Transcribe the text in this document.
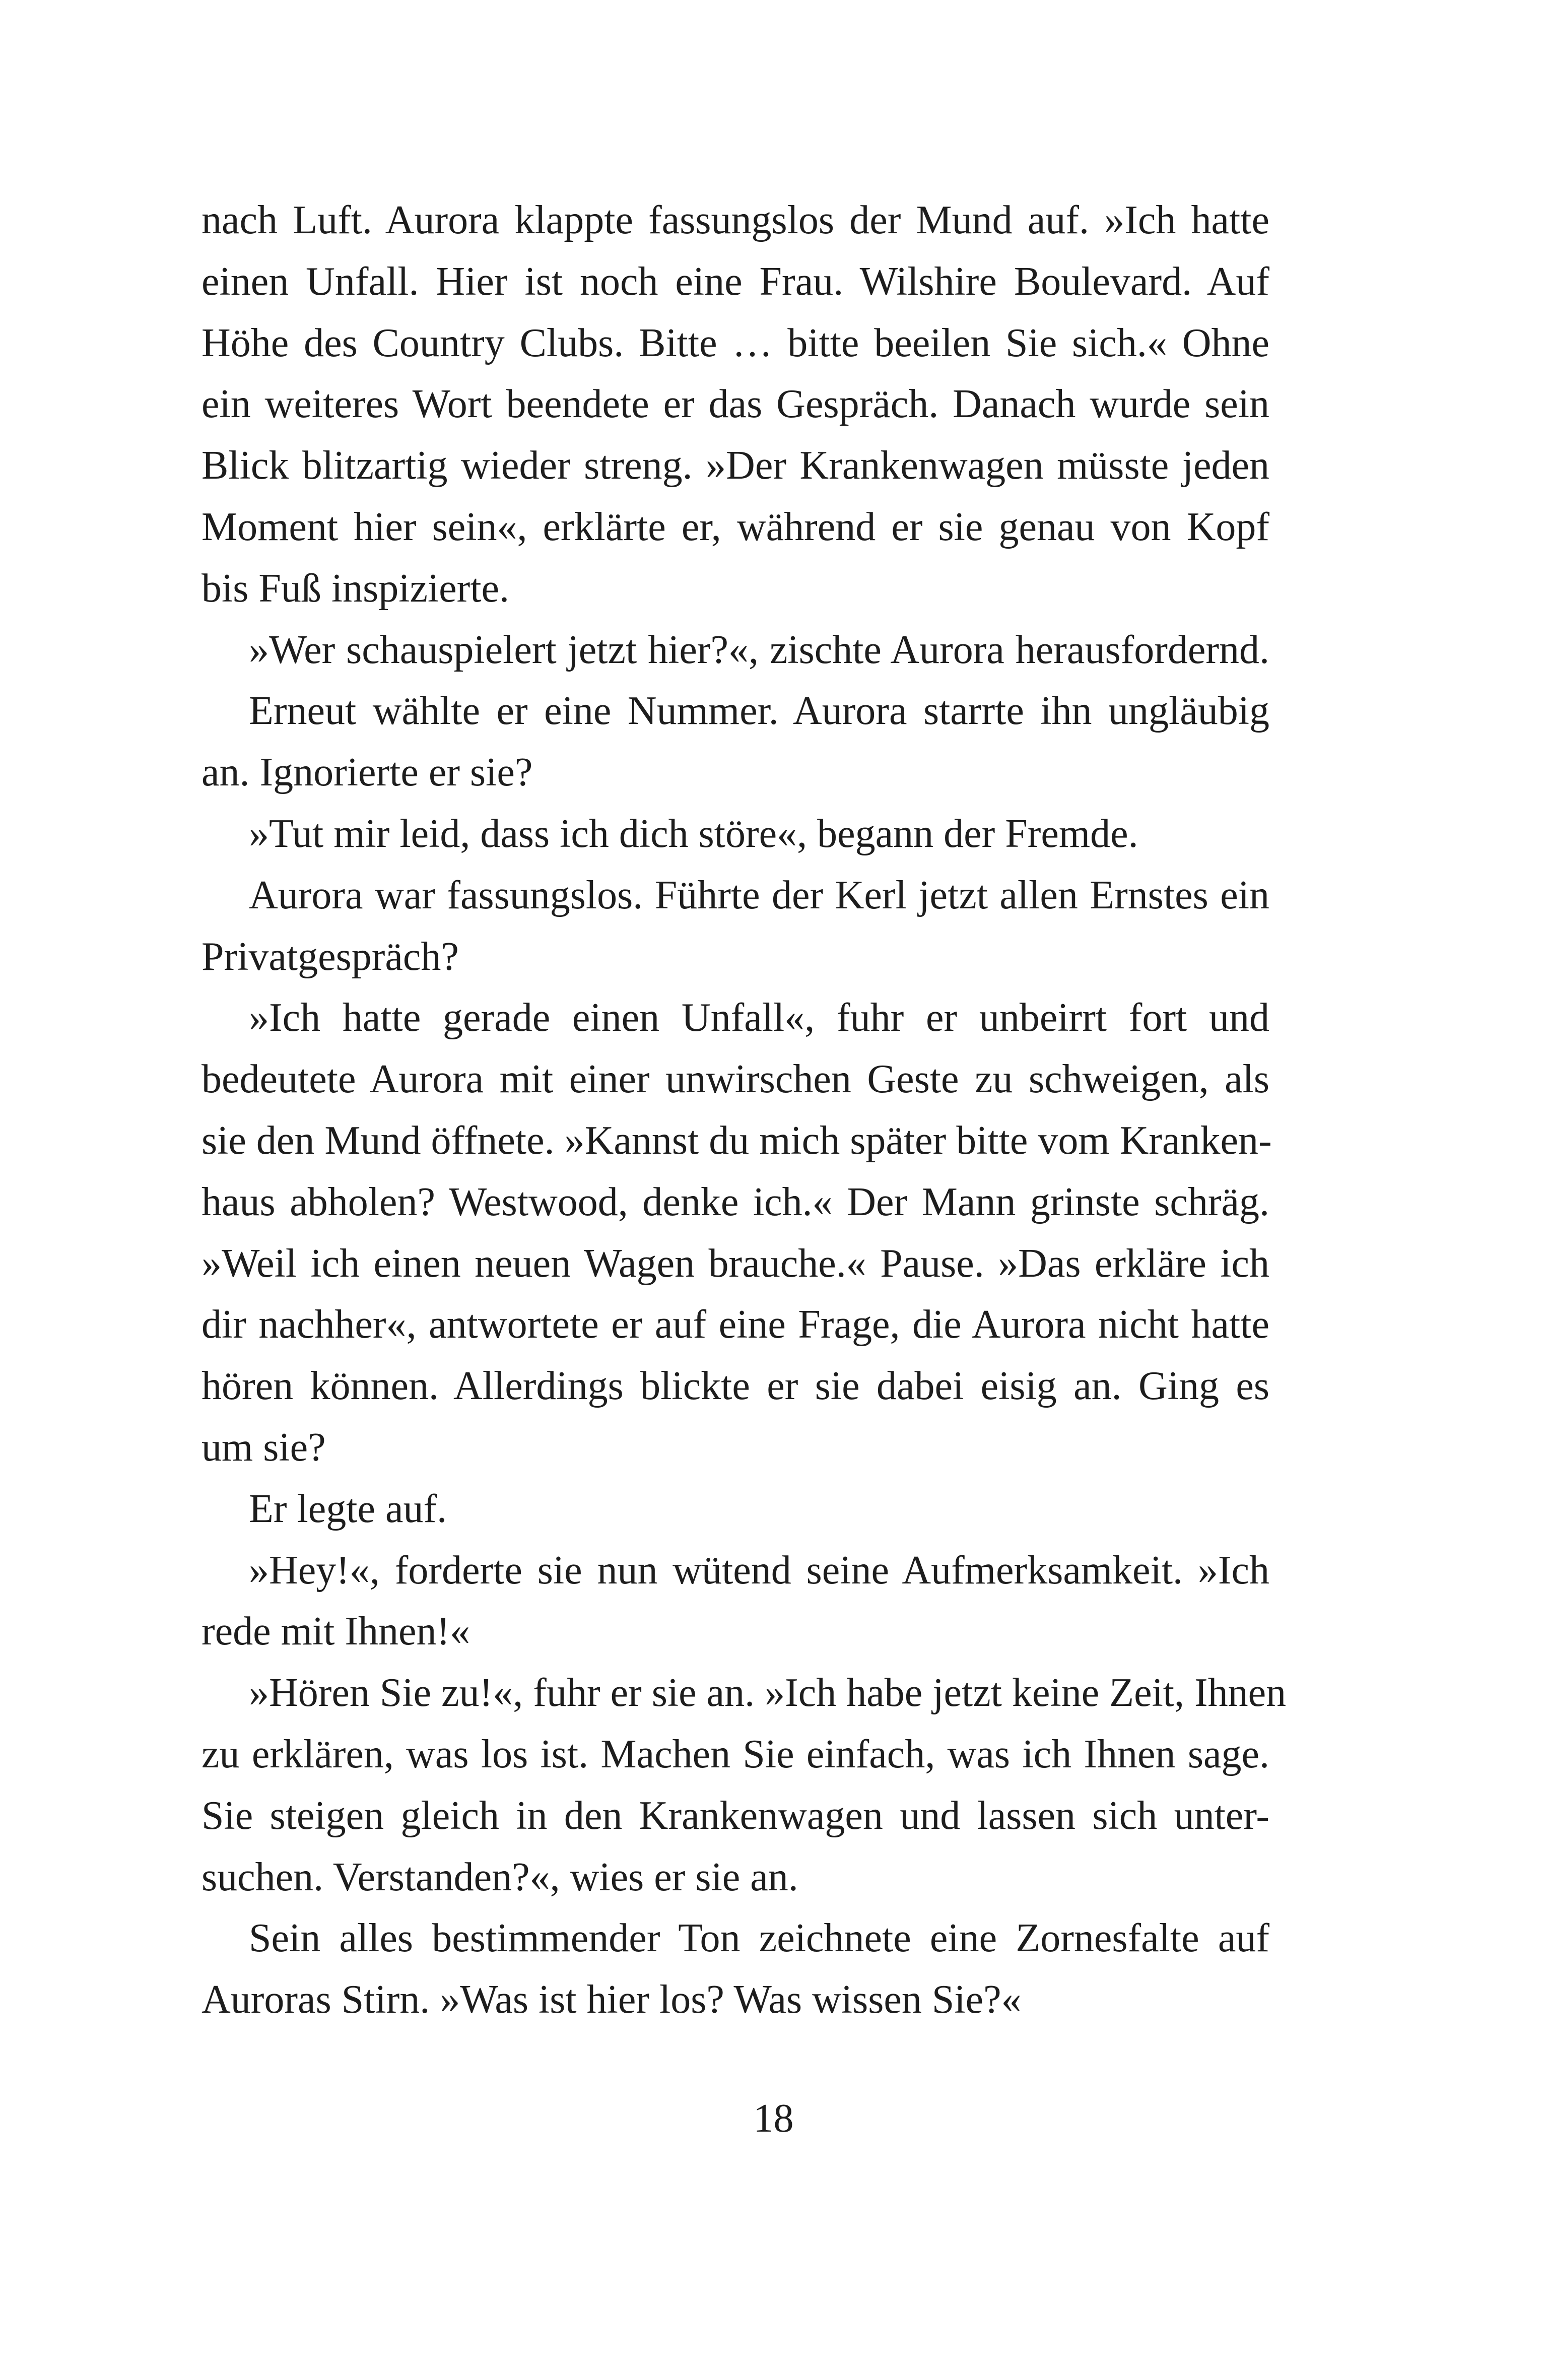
nach Luft. Aurora klappte fassungslos der Mund auf. »Ich hatte
einen Unfall. Hier ist noch eine Frau. Wilshire Boulevard. Auf
Höhe des Country Clubs. Bitte … bitte beeilen Sie sich.« Ohne
ein weiteres Wort beendete er das Gespräch. Danach wurde sein
Blick blitzartig wieder streng. »Der Krankenwagen müsste jeden
Moment hier sein«, erklärte er, während er sie genau von Kopf
bis Fuß inspizierte.
»Wer schauspielert jetzt hier?«, zischte Aurora herausfordernd.
Erneut wählte er eine Nummer. Aurora starrte ihn ungläubig
an. Ignorierte er sie?
»Tut mir leid, dass ich dich störe«, begann der Fremde.
Aurora war fassungslos. Führte der Kerl jetzt allen Ernstes ein
Privatgespräch?
»Ich hatte gerade einen Unfall«, fuhr er unbeirrt fort und
bedeutete Aurora mit einer unwirschen Geste zu schweigen, als
sie den Mund öffnete. »Kannst du mich später bitte vom Kranken-
haus abholen? Westwood, denke ich.« Der Mann grinste schräg.
»Weil ich einen neuen Wagen brauche.« Pause. »Das erkläre ich
dir nachher«, antwortete er auf eine Frage, die Aurora nicht hatte
hören können. Allerdings blickte er sie dabei eisig an. Ging es
um sie?
Er legte auf.
»Hey!«, forderte sie nun wütend seine Aufmerksamkeit. »Ich
rede mit Ihnen!«
»Hören Sie zu!«, fuhr er sie an. »Ich habe jetzt keine Zeit, Ihnen
zu erklären, was los ist. Machen Sie einfach, was ich Ihnen sage.
Sie steigen gleich in den Krankenwagen und lassen sich unter-
suchen. Verstanden?«, wies er sie an.
Sein alles bestimmender Ton zeichnete eine Zornesfalte auf
Auroras Stirn. »Was ist hier los? Was wissen Sie?«
18
